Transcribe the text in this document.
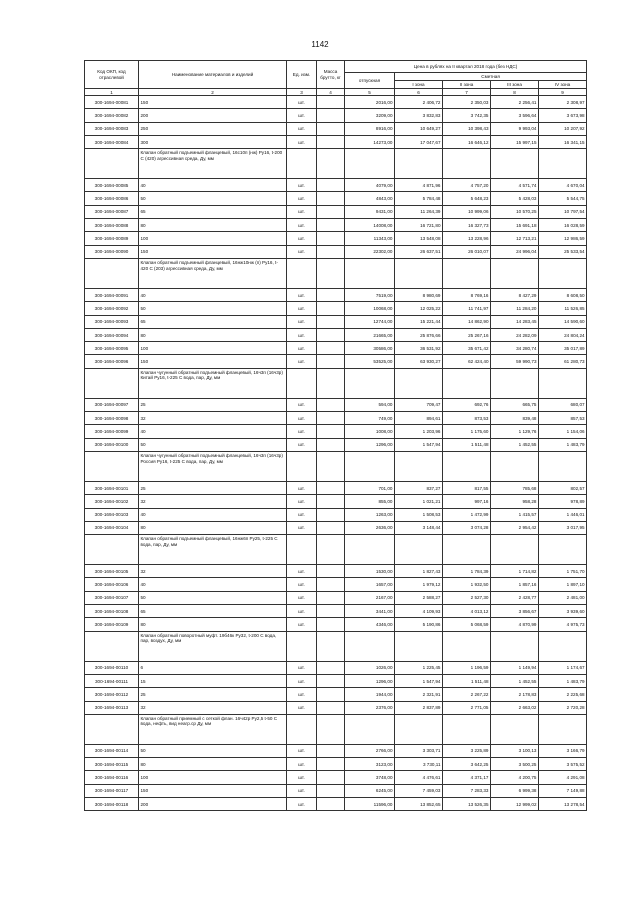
1142
Код ОКП, код отраслевой	Наименование материалов и изделий	Ед. изм.	Масса брутто, кг	Цена в рублях на II квартал 2018 года (без НДС)				
				отпускная	Сметная			
					I зона	II зона	III зона	IV зона
1	2	3	4	5	6	7	8	9
300-1694-00081	150	шт.		2016,00	2 406,72	2 350,03	2 256,41	2 308,97
300-1694-00082	200	шт.		3209,00	3 832,83	3 742,35	3 596,64	3 673,98
300-1694-00083	250	шт.		8916,00	10 649,27	10 398,43	9 993,04	10 207,92
300-1694-00084	300	шт.		14273,00	17 047,67	16 646,12	15 997,15	16 341,15
	Клапан обратный подъемный фланцевый, 16с10п (нж) Ру16, t-200 С (420) агрессивная среда, Ду, мм							
300-1694-00085	40	шт.		4079,00	4 871,96	4 757,20	4 571,74	4 670,04
300-1694-00086	50	шт.		4843,00	5 784,48	5 648,23	5 428,03	5 544,75
300-1694-00087	65	шт.		9431,00	11 264,39	10 999,06	10 570,25	10 797,54
300-1694-00088	80	шт.		14008,00	16 721,80	16 327,73	15 691,18	16 028,59
300-1694-00089	100	шт.		11343,00	13 548,08	13 228,96	12 713,21	12 986,59
300-1694-00090	150	шт.		22302,00	26 637,51	26 010,07	24 996,04	25 533,54
	Клапан обратный подъемный фланцевый, 16нж10нж (п) Ру16, t-420 С (203) агрессивная среда, Ду, мм							
300-1694-00091	40	шт.		7519,00	8 980,69	8 769,16	8 427,29	8 608,50
300-1694-00092	50	шт.		10068,00	12 025,22	11 741,97	11 284,20	11 526,85
300-1694-00093	65	шт.		12744,00	15 221,44	14 862,90	14 283,45	14 590,60
300-1694-00094	80	шт.		21665,00	25 876,66	25 267,16	24 282,09	24 804,24
300-1694-00095	100	шт.		30586,00	36 531,92	35 671,42	34 280,74	35 017,89
300-1694-00096	150	шт.		53525,00	63 930,27	62 424,40	59 990,73	61 280,73
	Клапан чугунный обратный подъемный фланцевый, 16ч3п (16ч3р) Китай Ру16, t-225 С вода, пар, Ду, мм							
300-1694-00097	25	шт.		594,00	709,47	692,76	665,75	680,07
300-1694-00098	32	шт.		749,00	894,61	873,53	839,48	857,53
300-1694-00099	40	шт.		1008,00	1 203,96	1 175,60	1 129,76	1 154,06
300-1694-00100	50	шт.		1296,00	1 547,94	1 511,48	1 452,55	1 483,79
	Клапан чугунный обратный подъемный фланцевый, 16ч3п (16ч3р) Россия Ру16, t-225 С вода, пар, Ду, мм							
300-1694-00101	25	шт.		701,00	837,27	817,55	785,68	802,57
300-1694-00102	32	шт.		855,00	1 021,21	997,16	958,28	978,89
300-1694-00103	40	шт.		1263,00	1 508,53	1 472,99	1 415,57	1 446,01
300-1694-00104	80	шт.		2636,00	3 148,44	3 074,28	2 954,42	3 017,95
	Клапан обратный подъемный фланцевый, 16нж6п Ру25, t-225 С вода, пар, Ду, мм							
300-1694-00105	32	шт.		1530,00	1 827,43	1 784,39	1 714,82	1 751,70
300-1694-00106	40	шт.		1657,00	1 979,12	1 932,50	1 857,16	1 897,10
300-1694-00107	50	шт.		2167,00	2 588,27	2 527,30	2 428,77	2 481,00
300-1694-00108	65	шт.		3441,00	4 109,93	4 013,12	3 856,67	3 939,60
300-1694-00109	80	шт.		4346,00	5 190,86	5 068,59	4 870,99	4 975,73
	Клапан обратный поворотный муфт. 19б46к Ру32, t-200 С вода, пар, воздух, Ду, мм							
300-1694-00110	6	шт.		1026,00	1 225,45	1 196,59	1 149,94	1 174,67
300-1694-00111	15	шт.		1296,00	1 547,94	1 511,48	1 452,55	1 483,79
300-1694-00112	25	шт.		1944,00	2 321,91	2 267,22	2 178,83	2 225,68
300-1694-00113	32	шт.		2376,00	2 837,89	2 771,05	2 663,02	2 720,28
	Клапан обратный приемный с сеткой флан. 16ч42р Ру2,5 t-50 С вода, нефть, вид неагр.ср Ду, мм							
300-1694-00114	50	шт.		2766,00	3 303,71	3 225,89	3 100,13	3 166,79
300-1694-00115	80	шт.		3123,00	3 730,11	3 642,25	3 500,25	3 575,52
300-1694-00116	100	шт.		3748,00	4 476,61	4 371,17	4 200,75	4 291,08
300-1694-00117	150	шт.		6245,00	7 459,03	7 283,33	6 999,38	7 149,88
300-1694-00118	200	шт.		11596,00	13 852,65	13 526,35	12 999,02	13 278,54
